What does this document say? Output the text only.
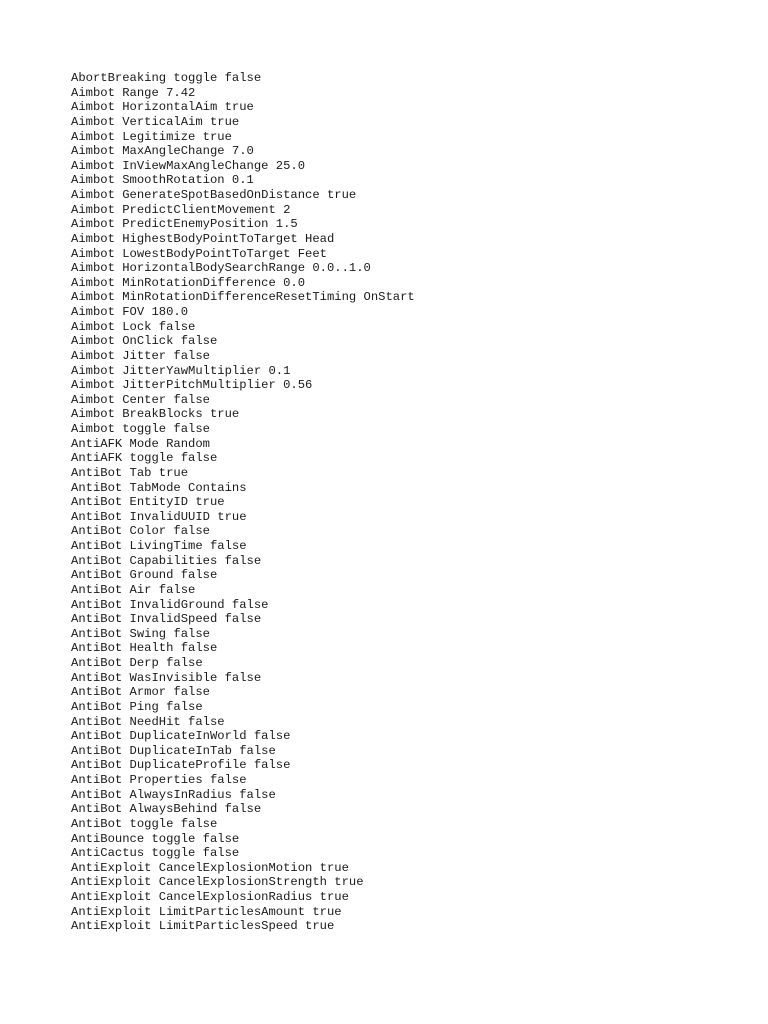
AbortBreaking toggle false
Aimbot Range 7.42
Aimbot HorizontalAim true
Aimbot VerticalAim true
Aimbot Legitimize true
Aimbot MaxAngleChange 7.0
Aimbot InViewMaxAngleChange 25.0
Aimbot SmoothRotation 0.1
Aimbot GenerateSpotBasedOnDistance true
Aimbot PredictClientMovement 2
Aimbot PredictEnemyPosition 1.5
Aimbot HighestBodyPointToTarget Head
Aimbot LowestBodyPointToTarget Feet
Aimbot HorizontalBodySearchRange 0.0..1.0
Aimbot MinRotationDifference 0.0
Aimbot MinRotationDifferenceResetTiming OnStart
Aimbot FOV 180.0
Aimbot Lock false
Aimbot OnClick false
Aimbot Jitter false
Aimbot JitterYawMultiplier 0.1
Aimbot JitterPitchMultiplier 0.56
Aimbot Center false
Aimbot BreakBlocks true
Aimbot toggle false
AntiAFK Mode Random
AntiAFK toggle false
AntiBot Tab true
AntiBot TabMode Contains
AntiBot EntityID true
AntiBot InvalidUUID true
AntiBot Color false
AntiBot LivingTime false
AntiBot Capabilities false
AntiBot Ground false
AntiBot Air false
AntiBot InvalidGround false
AntiBot InvalidSpeed false
AntiBot Swing false
AntiBot Health false
AntiBot Derp false
AntiBot WasInvisible false
AntiBot Armor false
AntiBot Ping false
AntiBot NeedHit false
AntiBot DuplicateInWorld false
AntiBot DuplicateInTab false
AntiBot DuplicateProfile false
AntiBot Properties false
AntiBot AlwaysInRadius false
AntiBot AlwaysBehind false
AntiBot toggle false
AntiBounce toggle false
AntiCactus toggle false
AntiExploit CancelExplosionMotion true
AntiExploit CancelExplosionStrength true
AntiExploit CancelExplosionRadius true
AntiExploit LimitParticlesAmount true
AntiExploit LimitParticlesSpeed true
